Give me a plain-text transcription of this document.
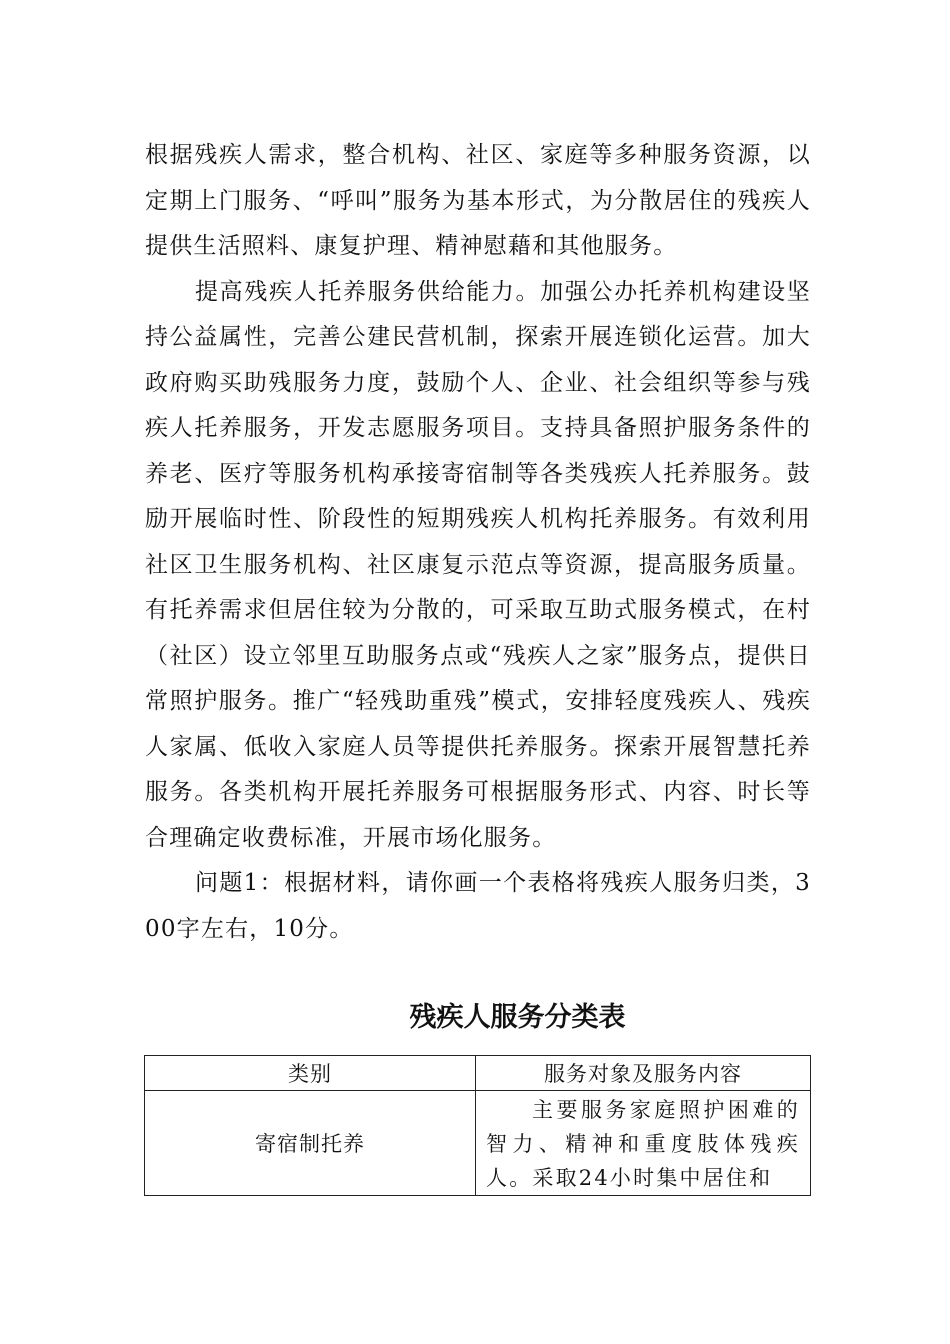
根据残疾人需求，整合机构、社区、家庭等多种服务资源，以定期上门服务、“呼叫”服务为基本形式，为分散居住的残疾人提供生活照料、康复护理、精神慰藉和其他服务。

提高残疾人托养服务供给能力。加强公办托养机构建设坚持公益属性，完善公建民营机制，探索开展连锁化运营。加大政府购买助残服务力度，鼓励个人、企业、社会组织等参与残疾人托养服务，开发志愿服务项目。支持具备照护服务条件的养老、医疗等服务机构承接寄宿制等各类残疾人托养服务。鼓励开展临时性、阶段性的短期残疾人机构托养服务。有效利用社区卫生服务机构、社区康复示范点等资源，提高服务质量。有托养需求但居住较为分散的，可采取互助式服务模式，在村（社区）设立邻里互助服务点或“残疾人之家”服务点，提供日常照护服务。推广“轻残助重残”模式，安排轻度残疾人、残疾人家属、低收入家庭人员等提供托养服务。探索开展智慧托养服务。各类机构开展托养服务可根据服务形式、内容、时长等合理确定收费标准，开展市场化服务。

问题1：根据材料，请你画一个表格将残疾人服务归类，300字左右，10分。

残疾人服务分类表
类别	服务对象及服务内容
寄宿制托养	主要服务家庭照护困难的智力、精神和重度肢体残疾人。采取24小时集中居住和
